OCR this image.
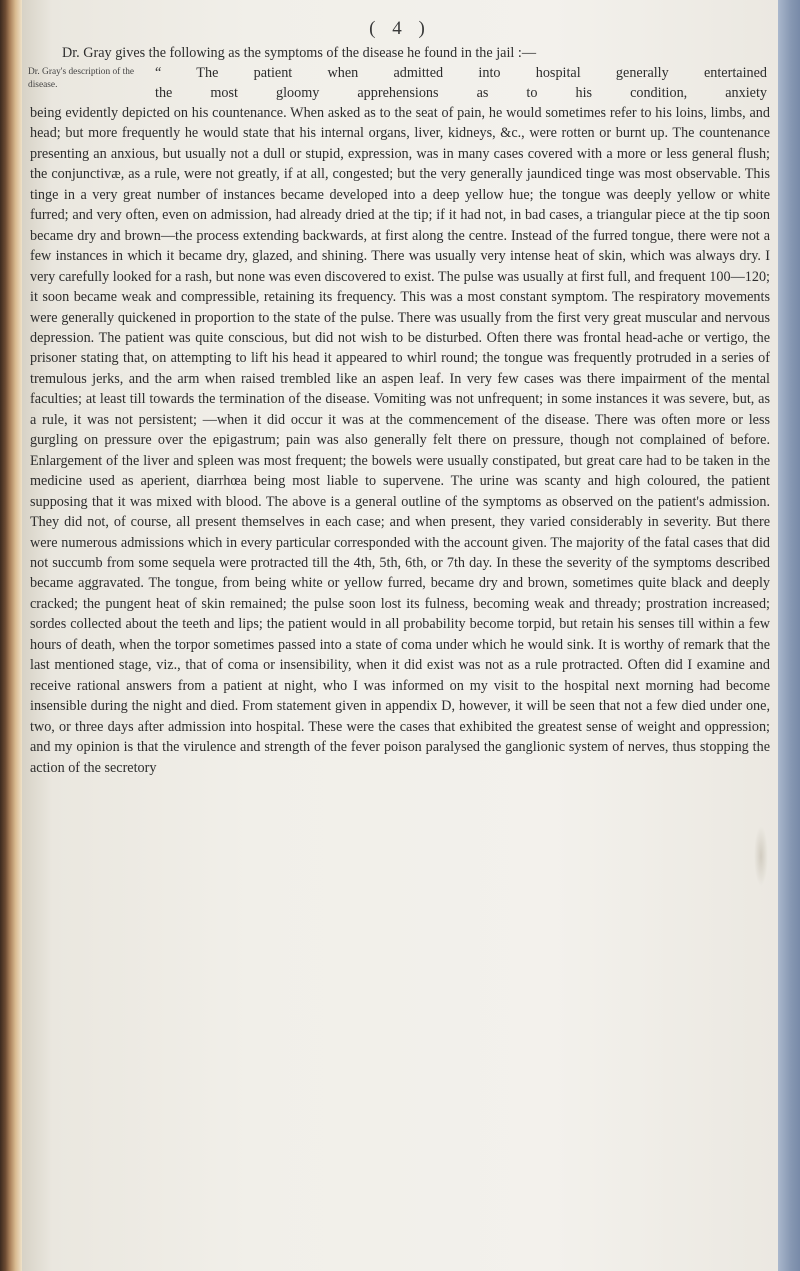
( 4 )
Dr. Gray gives the following as the symptoms of the disease he found in the jail :—
Dr. Gray's description of the disease.
“ The patient when admitted into hospital generally entertained
the most gloomy apprehensions as to his condition, anxiety
being evidently depicted on his countenance. When asked as to the seat of pain, he would sometimes refer to his loins, limbs, and head; but more frequently he would state that his internal organs, liver, kidneys, &c., were rotten or burnt up. The countenance presenting an anxious, but usually not a dull or stupid, expression, was in many cases covered with a more or less general flush; the conjunctivæ, as a rule, were not greatly, if at all, congested; but the very generally jaundiced tinge was most observable. This tinge in a very great number of instances became developed into a deep yellow hue; the tongue was deeply yellow or white furred; and very often, even on admission, had already dried at the tip; if it had not, in bad cases, a triangular piece at the tip soon became dry and brown—the process extending backwards, at first along the centre. Instead of the furred tongue, there were not a few instances in which it became dry, glazed, and shining. There was usually very intense heat of skin, which was always dry. I very carefully looked for a rash, but none was even discovered to exist. The pulse was usually at first full, and frequent 100—120; it soon became weak and compressible, retaining its frequency. This was a most constant symptom. The respiratory movements were generally quickened in proportion to the state of the pulse. There was usually from the first very great muscular and nervous depression. The patient was quite conscious, but did not wish to be disturbed. Often there was frontal head-ache or vertigo, the prisoner stating that, on attempting to lift his head it appeared to whirl round; the tongue was frequently protruded in a series of tremulous jerks, and the arm when raised trembled like an aspen leaf. In very few cases was there impairment of the mental faculties; at least till towards the termination of the disease. Vomiting was not unfrequent; in some instances it was severe, but, as a rule, it was not persistent; —when it did occur it was at the commencement of the disease. There was often more or less gurgling on pressure over the epigastrum; pain was also generally felt there on pressure, though not complained of before. Enlargement of the liver and spleen was most frequent; the bowels were usually constipated, but great care had to be taken in the medicine used as aperient, diarrhœa being most liable to supervene. The urine was scanty and high coloured, the patient supposing that it was mixed with blood. The above is a general outline of the symptoms as observed on the patient's admission. They did not, of course, all present themselves in each case; and when present, they varied considerably in severity. But there were numerous admissions which in every particular corresponded with the account given. The majority of the fatal cases that did not succumb from some sequela were protracted till the 4th, 5th, 6th, or 7th day. In these the severity of the symptoms described became aggravated. The tongue, from being white or yellow furred, became dry and brown, sometimes quite black and deeply cracked; the pungent heat of skin remained; the pulse soon lost its fulness, becoming weak and thready; prostration increased; sordes collected about the teeth and lips; the patient would in all probability become torpid, but retain his senses till within a few hours of death, when the torpor sometimes passed into a state of coma under which he would sink. It is worthy of remark that the last mentioned stage, viz., that of coma or insensibility, when it did exist was not as a rule protracted. Often did I examine and receive rational answers from a patient at night, who I was informed on my visit to the hospital next morning had become insensible during the night and died. From statement given in appendix D, however, it will be seen that not a few died under one, two, or three days after admission into hospital. These were the cases that exhibited the greatest sense of weight and oppression; and my opinion is that the virulence and strength of the fever poison paralysed the ganglionic system of nerves, thus stopping the action of the secretory
